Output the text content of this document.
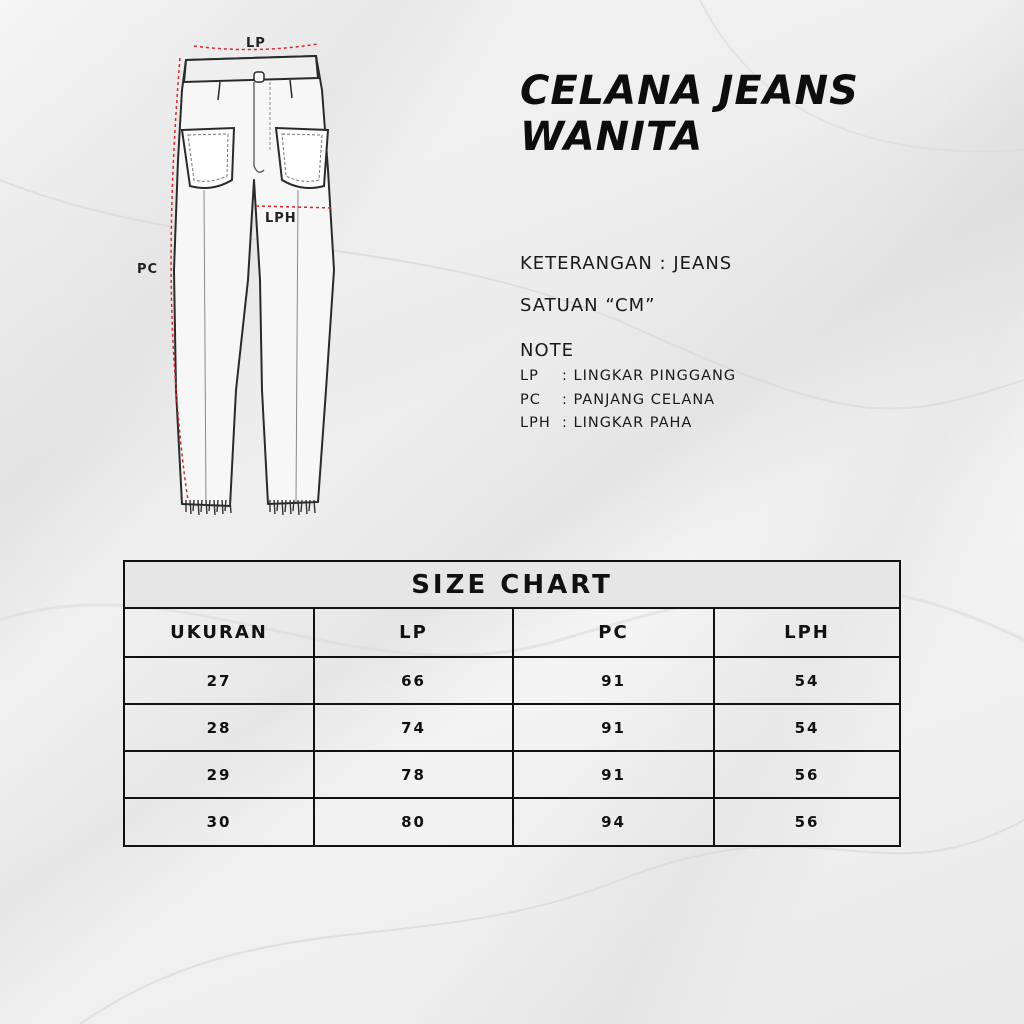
LP
LPH
PC
CELANA JEANS
WANITA
KETERANGAN : JEANS
SATUAN “CM”
NOTE
LP : LINGKAR PINGGANG
PC : PANJANG CELANA
LPH : LINGKAR PAHA
SIZE CHART
UKURAN	LP	PC	LPH
27	66	91	54
28	74	91	54
29	78	91	56
30	80	94	56
